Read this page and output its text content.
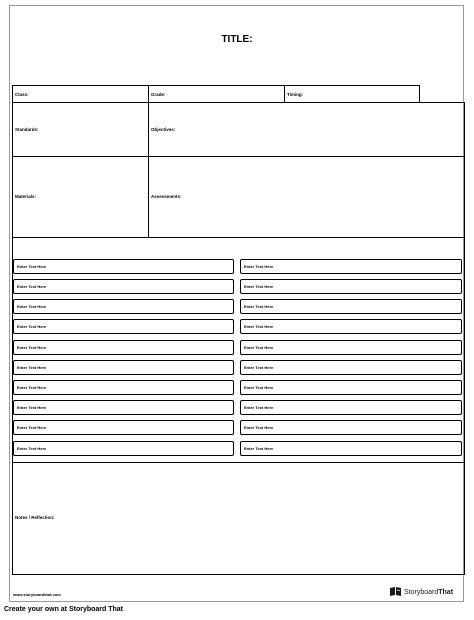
TITLE:
Class:	Grade:	Timing:
Standards:	Objectives:
Materials:	Assessments:
Enter Text Here	Enter Text Here
Enter Text Here	Enter Text Here
Enter Text Here	Enter Text Here
Enter Text Here	Enter Text Here
Enter Text Here	Enter Text Here
Enter Text Here	Enter Text Here
Enter Text Here	Enter Text Here
Enter Text Here	Enter Text Here
Enter Text Here	Enter Text Here
Enter Text Here	Enter Text Here
Notes / Reflection:
www.storyboardthat.com	StoryboardThat
Create your own at Storyboard That
